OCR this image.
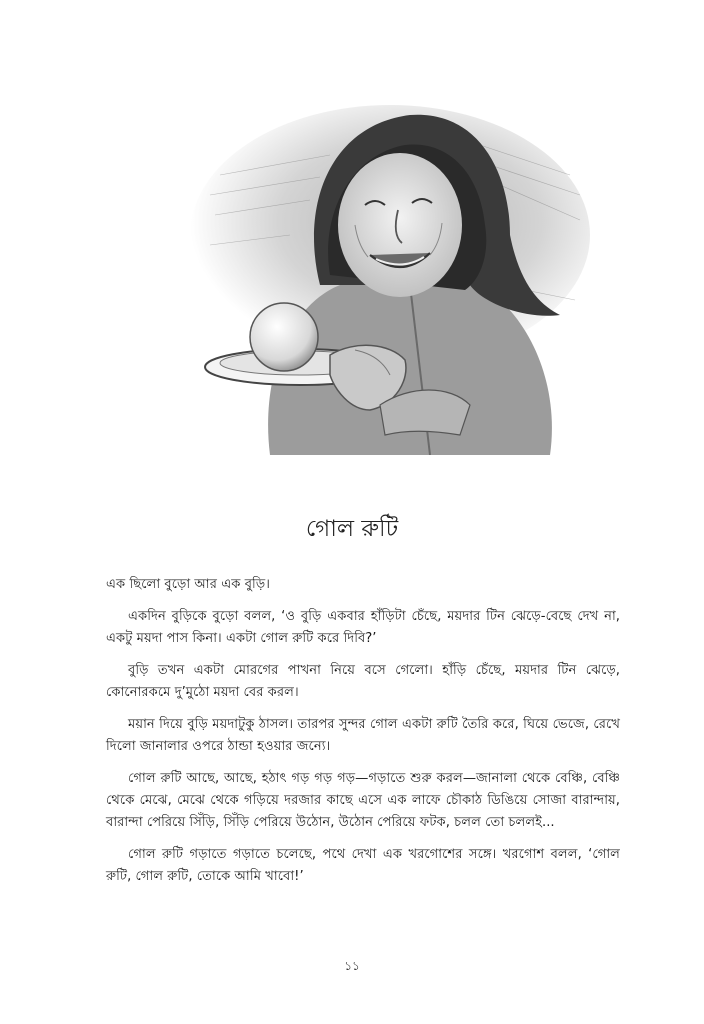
গোল রুটি

এক ছিলো বুড়ো আর এক বুড়ি।

একদিন বুড়িকে বুড়ো বলল, ‘ও বুড়ি একবার হাঁড়িটা চেঁছে, ময়দার টিন ঝেড়ে-বেছে দেখ না, একটু ময়দা পাস কিনা। একটা গোল রুটি করে দিবি?’

বুড়ি তখন একটা মোরগের পাখনা নিয়ে বসে গেলো। হাঁড়ি চেঁছে, ময়দার টিন ঝেড়ে, কোনোরকমে দু’মুঠো ময়দা বের করল।

ময়ান দিয়ে বুড়ি ময়দাটুকু ঠাসল। তারপর সুন্দর গোল একটা রুটি তৈরি করে, ঘিয়ে ভেজে, রেখে দিলো জানালার ওপরে ঠান্ডা হওয়ার জন্যে।

গোল রুটি আছে, আছে, হঠাৎ গড় গড় গড়—গড়াতে শুরু করল—জানালা থেকে বেঞ্চি, বেঞ্চি থেকে মেঝে, মেঝে থেকে গড়িয়ে দরজার কাছে এসে এক লাফে চৌকাঠ ডিঙিয়ে সোজা বারান্দায়, বারান্দা পেরিয়ে সিঁড়ি, সিঁড়ি পেরিয়ে উঠোন, উঠোন পেরিয়ে ফটক, চলল তো চললই...

গোল রুটি গড়াতে গড়াতে চলেছে, পথে দেখা এক খরগোশের সঙ্গে। খরগোশ বলল, ‘গোল রুটি, গোল রুটি, তোকে আমি খাবো!’

১১
